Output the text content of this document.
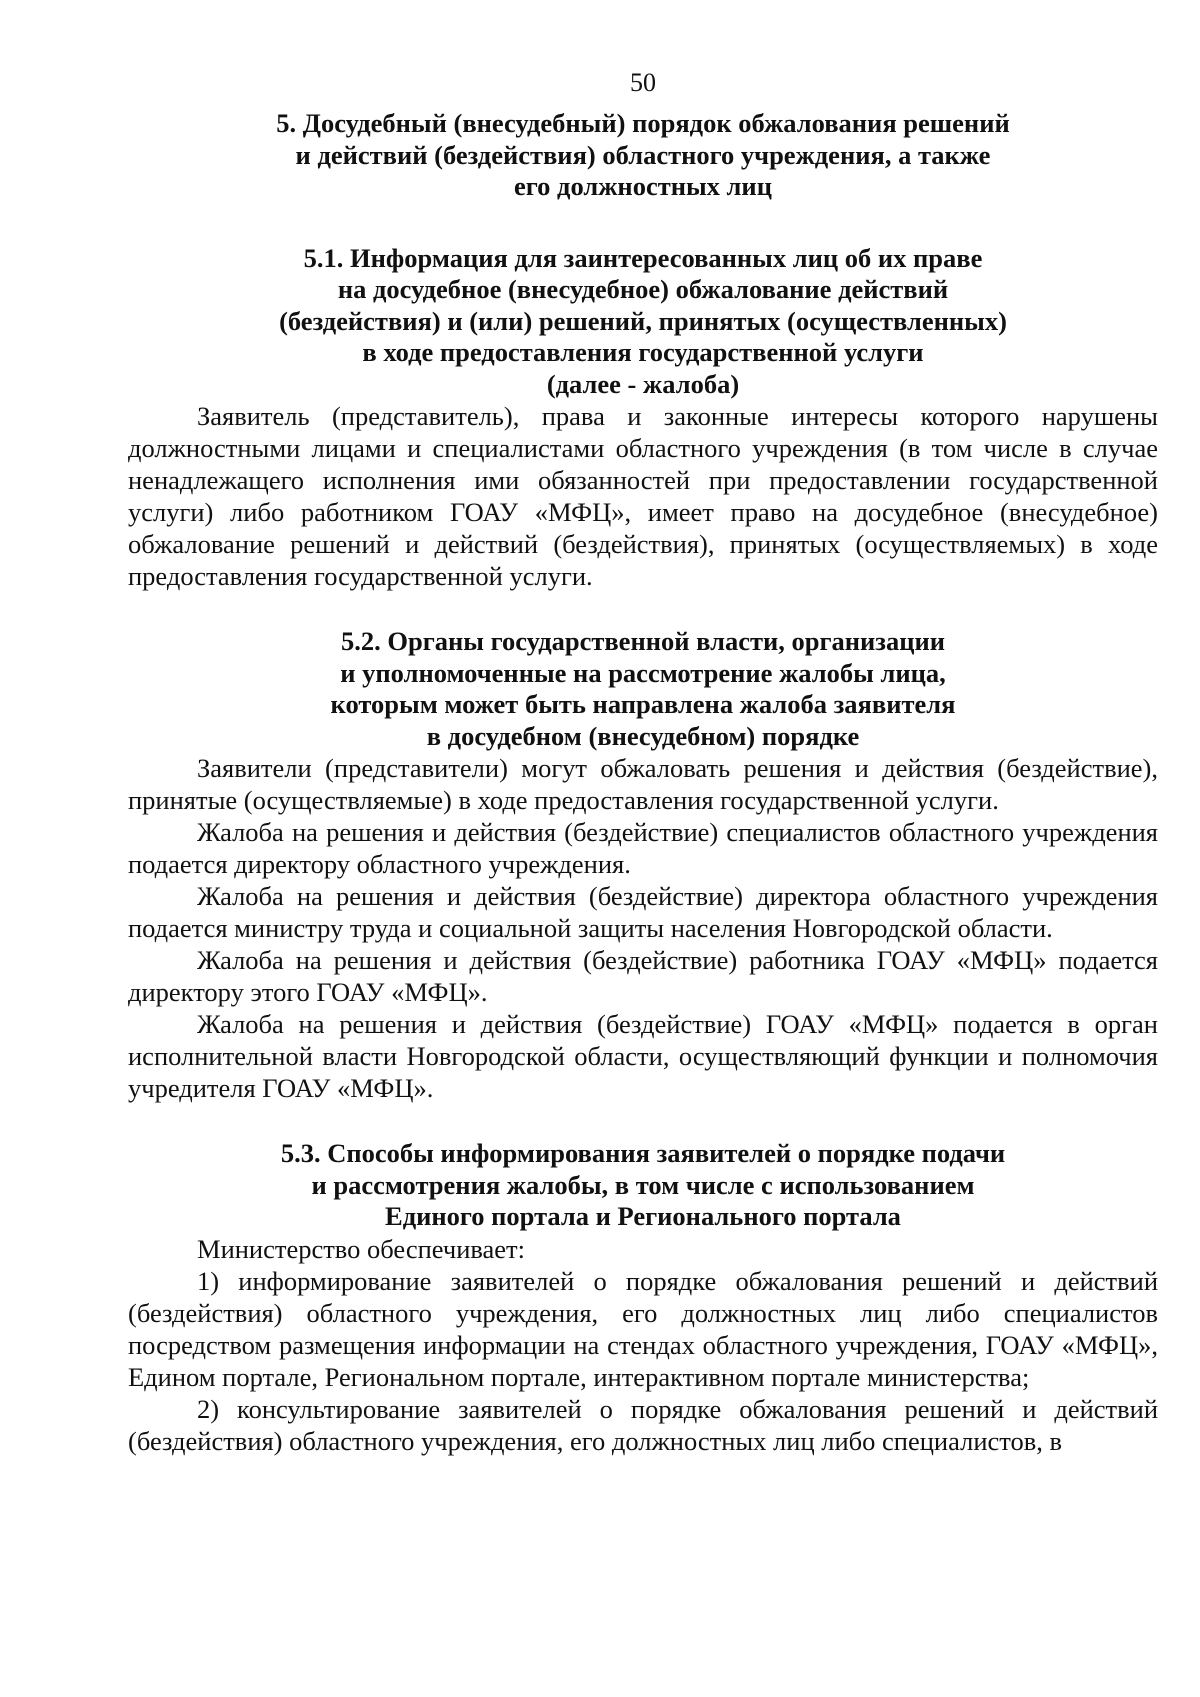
50
5. Досудебный (внесудебный) порядок обжалования решений
и действий (бездействия) областного учреждения, а также
его должностных лиц
5.1. Информация для заинтересованных лиц об их праве
на досудебное (внесудебное) обжалование действий
(бездействия) и (или) решений, принятых (осуществленных)
в ходе предоставления государственной услуги
(далее - жалоба)

Заявитель (представитель), права и законные интересы которого нарушены должностными лицами и специалистами областного учреждения (в том числе в случае ненадлежащего исполнения ими обязанностей при предоставлении государственной услуги) либо работником ГОАУ «МФЦ», имеет право на досудебное (внесудебное) обжалование решений и действий (бездействия), принятых (осуществляемых) в ходе предоставления государственной услуги.

5.2. Органы государственной власти, организации
и уполномоченные на рассмотрение жалобы лица,
которым может быть направлена жалоба заявителя
в досудебном (внесудебном) порядке

Заявители (представители) могут обжаловать решения и действия (бездействие), принятые (осуществляемые) в ходе предоставления государственной услуги.

Жалоба на решения и действия (бездействие) специалистов областного учреждения подается директору областного учреждения.

Жалоба на решения и действия (бездействие) директора областного учреждения подается министру труда и социальной защиты населения Новгородской области.

Жалоба на решения и действия (бездействие) работника ГОАУ «МФЦ» подается директору этого ГОАУ «МФЦ».

Жалоба на решения и действия (бездействие) ГОАУ «МФЦ» подается в орган исполнительной власти Новгородской области, осуществляющий функции и полномочия учредителя ГОАУ «МФЦ».

5.3. Способы информирования заявителей о порядке подачи
и рассмотрения жалобы, в том числе с использованием
Единого портала и Регионального портала

Министерство обеспечивает:

1) информирование заявителей о порядке обжалования решений и действий (бездействия) областного учреждения, его должностных лиц либо специалистов посредством размещения информации на стендах областного учреждения, ГОАУ «МФЦ», Едином портале, Региональном портале, интерактивном портале министерства;

2) консультирование заявителей о порядке обжалования решений и действий (бездействия) областного учреждения, его должностных лиц либо специалистов, в
